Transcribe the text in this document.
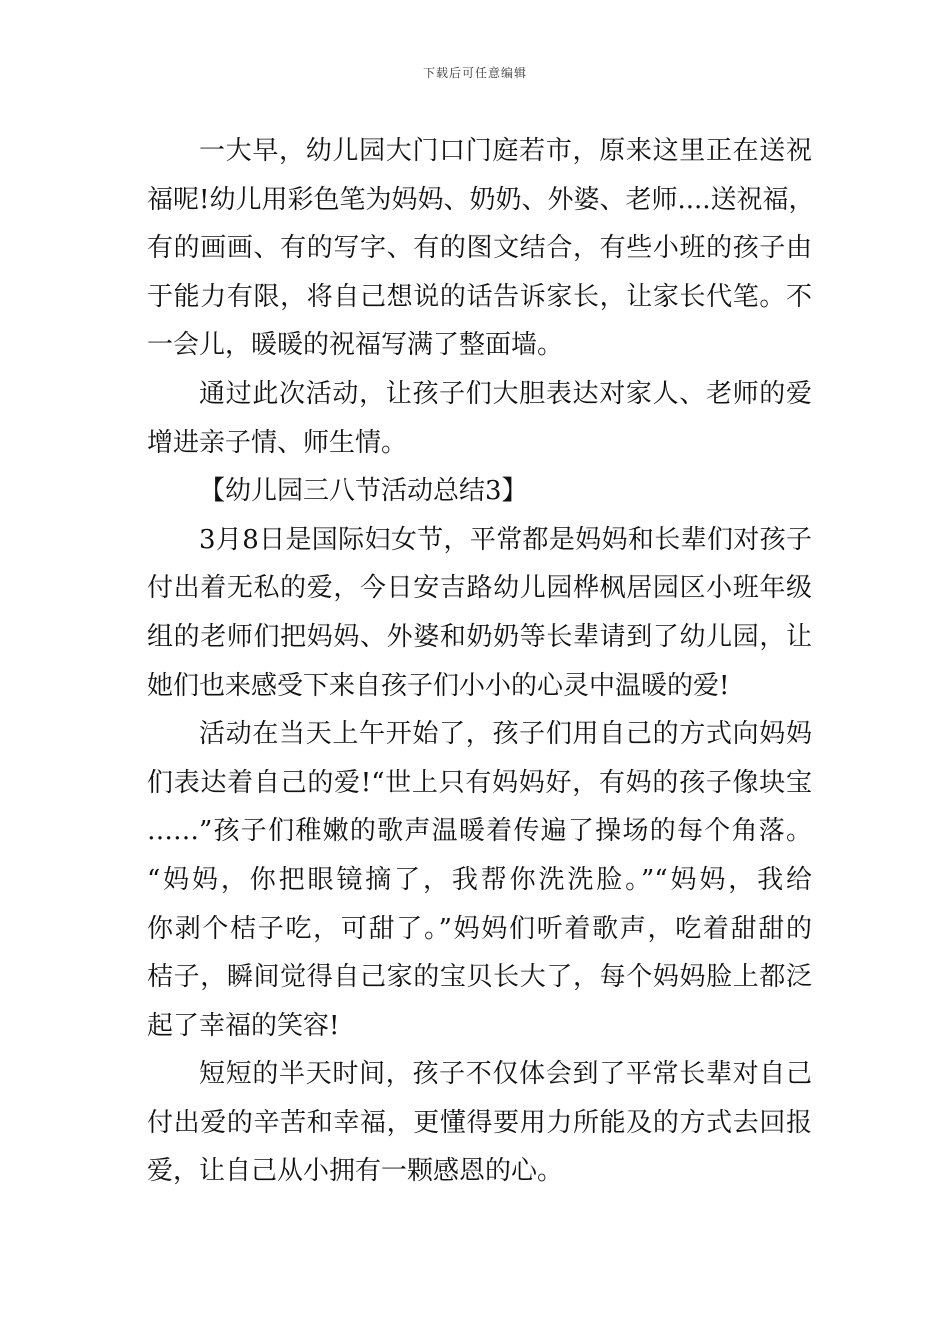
下载后可任意编辑
一大早，幼儿园大门口门庭若市，原来这里正在送祝
福呢!幼儿用彩色笔为妈妈、奶奶、外婆、老师....送祝福，
有的画画、有的写字、有的图文结合，有些小班的孩子由
于能力有限，将自己想说的话告诉家长，让家长代笔。不
一会儿，暖暖的祝福写满了整面墙。
通过此次活动，让孩子们大胆表达对家人、老师的爱
增进亲子情、师生情。
【幼儿园三八节活动总结3】
3月8日是国际妇女节，平常都是妈妈和长辈们对孩子
付出着无私的爱，今日安吉路幼儿园桦枫居园区小班年级
组的老师们把妈妈、外婆和奶奶等长辈请到了幼儿园，让
她们也来感受下来自孩子们小小的心灵中温暖的爱!
活动在当天上午开始了，孩子们用自己的方式向妈妈
们表达着自己的爱!“世上只有妈妈好，有妈的孩子像块宝
……”孩子们稚嫩的歌声温暖着传遍了操场的每个角落。
“妈妈，你把眼镜摘了，我帮你洗洗脸。”“妈妈，我给
你剥个桔子吃，可甜了。”妈妈们听着歌声，吃着甜甜的
桔子，瞬间觉得自己家的宝贝长大了，每个妈妈脸上都泛
起了幸福的笑容!
短短的半天时间，孩子不仅体会到了平常长辈对自己
付出爱的辛苦和幸福，更懂得要用力所能及的方式去回报
爱，让自己从小拥有一颗感恩的心。
